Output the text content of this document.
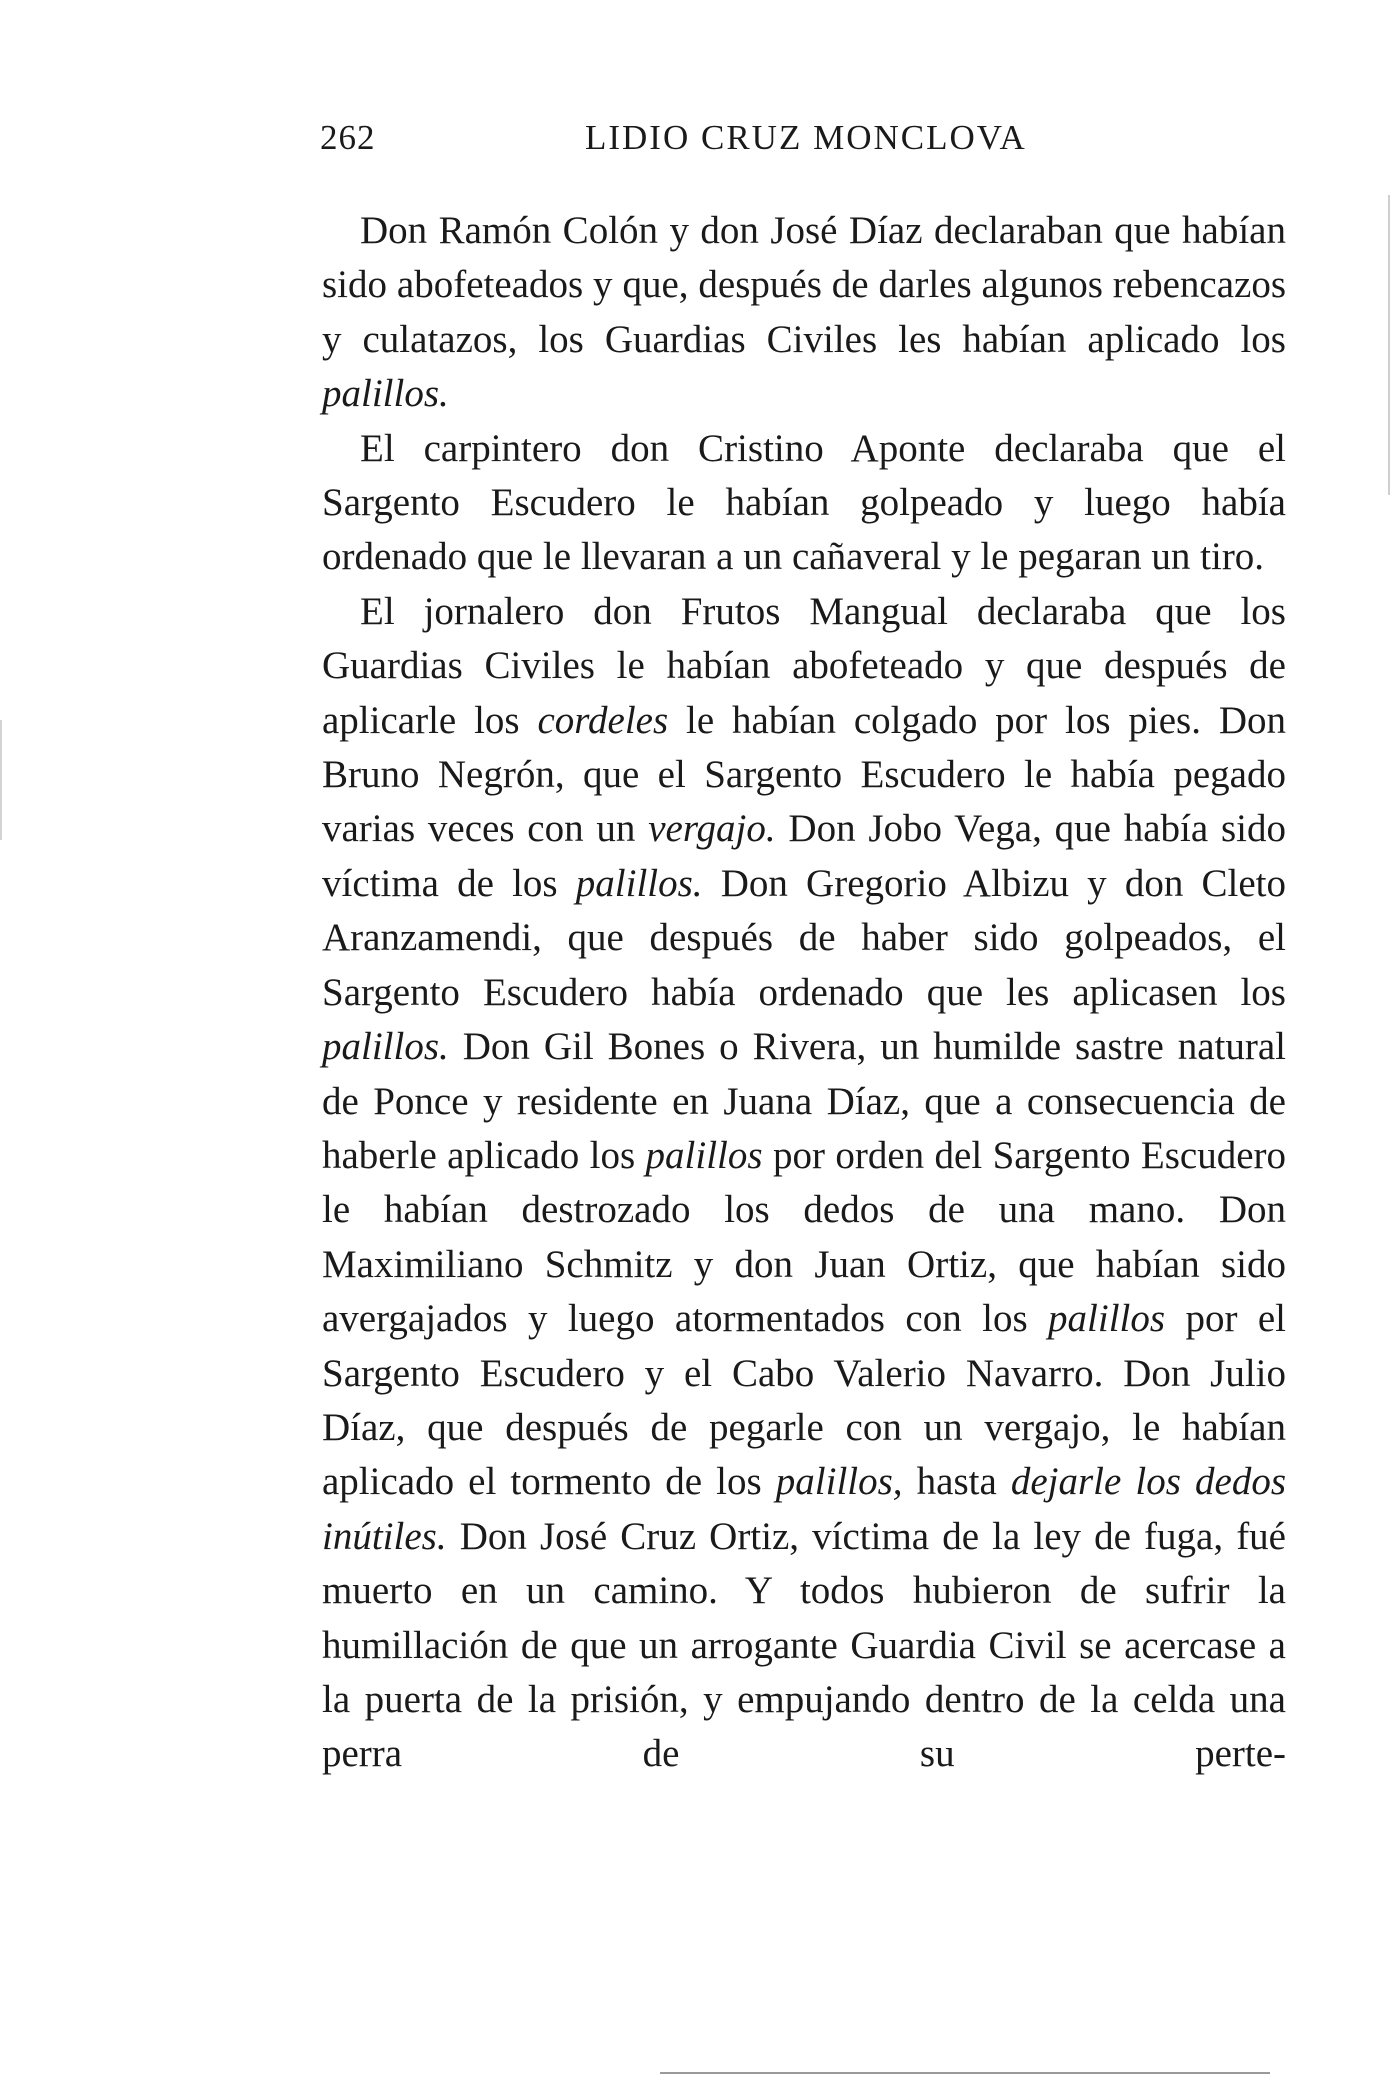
262	LIDIO CRUZ MONCLOVA

Don Ramón Colón y don José Díaz declaraban que habían sido abofeteados y que, después de darles algunos rebencazos y culatazos, los Guardias Civiles les habían aplicado los palillos.

El carpintero don Cristino Aponte declaraba que el Sargento Escudero le habían golpeado y luego había ordenado que le llevaran a un cañaveral y le pegaran un tiro.

El jornalero don Frutos Mangual declaraba que los Guardias Civiles le habían abofeteado y que después de aplicarle los cordeles le habían colgado por los pies. Don Bruno Negrón, que el Sargento Escudero le había pegado varias veces con un vergajo. Don Jobo Vega, que había sido víctima de los palillos. Don Gregorio Albizu y don Cleto Aranzamendi, que después de haber sido golpeados, el Sargento Escudero había ordenado que les aplicasen los palillos. Don Gil Bones o Rivera, un humilde sastre natural de Ponce y residente en Juana Díaz, que a consecuencia de haberle aplicado los palillos por orden del Sargento Escudero le habían destrozado los dedos de una mano. Don Maximiliano Schmitz y don Juan Ortiz, que habían sido avergajados y luego atormentados con los palillos por el Sargento Escudero y el Cabo Valerio Navarro. Don Julio Díaz, que después de pegarle con un vergajo, le habían aplicado el tormento de los palillos, hasta dejarle los dedos inútiles. Don José Cruz Ortiz, víctima de la ley de fuga, fué muerto en un camino. Y todos hubieron de sufrir la humillación de que un arrogante Guardia Civil se acercase a la puerta de la prisión, y empujando dentro de la celda una perra de su perte-
